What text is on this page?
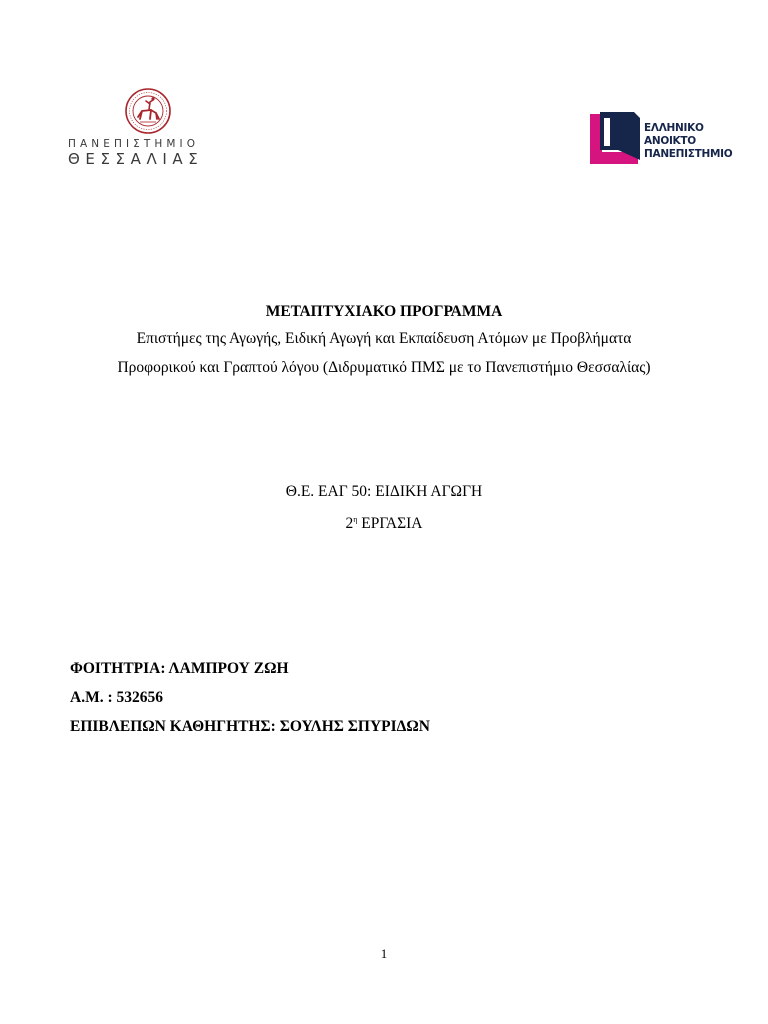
ΠΑΝΕΠΙΣΤΗΜΙΟ
ΘΕΣΣΑΛΙΑΣ
ΕΛΛΗΝΙΚΟ
ΑΝΟΙΚΤΟ
ΠΑΝΕΠΙΣΤΗΜΙΟ
ΜΕΤΑΠΤΥΧΙΑΚΟ ΠΡΟΓΡΑΜΜΑ
Επιστήμες της Αγωγής, Ειδική Αγωγή και Εκπαίδευση Ατόμων με Προβλήματα
Προφορικού και Γραπτού λόγου (Διδρυματικό ΠΜΣ με το Πανεπιστήμιο Θεσσαλίας)
Θ.Ε. ΕΑΓ 50: ΕΙΔΙΚΗ ΑΓΩΓΗ
$2^\eta$ ΕΡΓΑΣΙΑ
ΦΟΙΤΗΤΡΙΑ: ΛΑΜΠΡΟΥ ΖΩΗ
Α.Μ. : 532656
ΕΠΙΒΛΕΠΩΝ ΚΑΘΗΓΗΤΗΣ: ΣΟΥΛΗΣ ΣΠΥΡΙΔΩΝ
1
